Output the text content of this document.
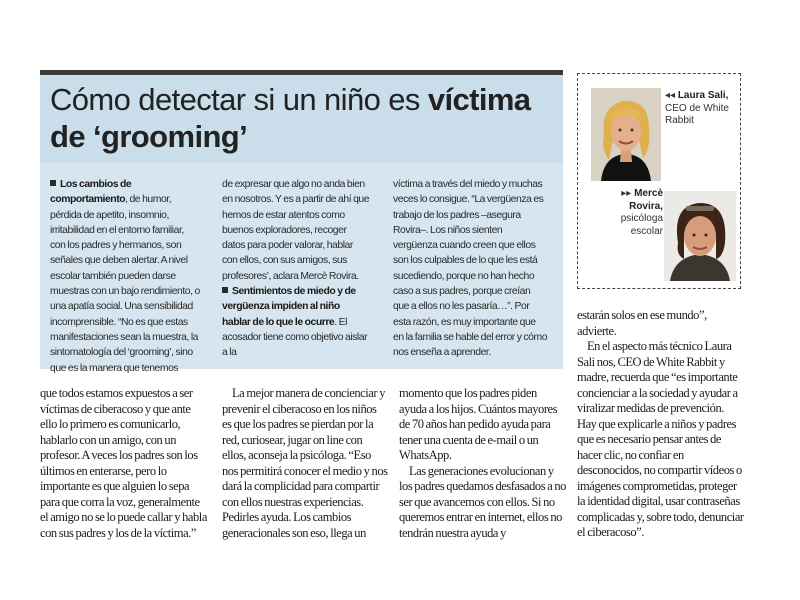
Cómo detectar si un niño es víctima
de ‘grooming’

Los cambios de comportamiento, de humor, pérdida de apetito, insomnio, irritabilidad en el entorno familiar, con los padres y hermanos, son señales que deben alertar. A nivel escolar también pueden darse muestras con un bajo rendimiento, o una apatía social. Una sensibilidad incomprensible. “No es que estas manifestaciones sean la muestra, la sintomatología del ‘grooming’, sino que es la manera que tenemos

de expresar que algo no anda bien en nosotros. Y es a partir de ahí que hemos de estar atentos como buenos exploradores, recoger datos para poder valorar, hablar con ellos, con sus amigos, sus profesores’, aclara Mercè Rovira.
Sentimientos de miedo y de vergüenza impiden al niño hablar de lo que le ocurre. El acosador tiene como objetivo aislar a la

víctima a través del miedo y muchas veces lo consigue. “La vergüenza es trabajo de los padres –asegura Rovira–. Los niños sienten vergüenza cuando creen que ellos son los culpables de lo que les está sucediendo, porque no han hecho caso a sus padres, porque creían que a ellos no les pasaría…”. Por esta razón, es muy importante que en la familia se hable del error y cómo nos enseña a aprender.

◂◂ Laura Sali,
CEO de White Rabbit

▸▸ Mercè Rovira, psicóloga escolar

que todos estamos expuestos a ser víctimas de ciberacoso y que ante ello lo primero es comunicarlo, hablarlo con un amigo, con un profesor. A veces los padres son los últimos en enterarse, pero lo importante es que alguien lo sepa para que corra la voz, generalmente el amigo no se lo puede callar y habla con sus padres y los de la víctima.”

La mejor manera de concienciar y prevenir el ciberacoso en los niños es que los padres se pierdan por la red, curiosear, jugar on line con ellos, aconseja la psicóloga. “Eso nos permitirá conocer el medio y nos dará la complicidad para compartir con ellos nuestras experiencias. Pedirles ayuda. Los cambios generacionales son eso, llega un

momento que los padres piden ayuda a los hijos. Cuántos mayores de 70 años han pedido ayuda para tener una cuenta de e-mail o un WhatsApp.

Las generaciones evolucionan y los padres quedamos desfasados a no ser que avancemos con ellos. Si no queremos entrar en internet, ellos no tendrán nuestra ayuda y

estarán solos en ese mundo”, advierte.

En el aspecto más técnico Laura Sali nos, CEO de White Rabbit y madre, recuerda que “es importante concienciar a la sociedad y ayudar a viralizar medidas de prevención. Hay que explicarle a niños y padres que es necesario pensar antes de hacer clic, no confiar en desconocidos, no compartir vídeos o imágenes comprometidas, proteger la identidad digital, usar contraseñas complicadas y, sobre todo, denunciar el ciberacoso”.
